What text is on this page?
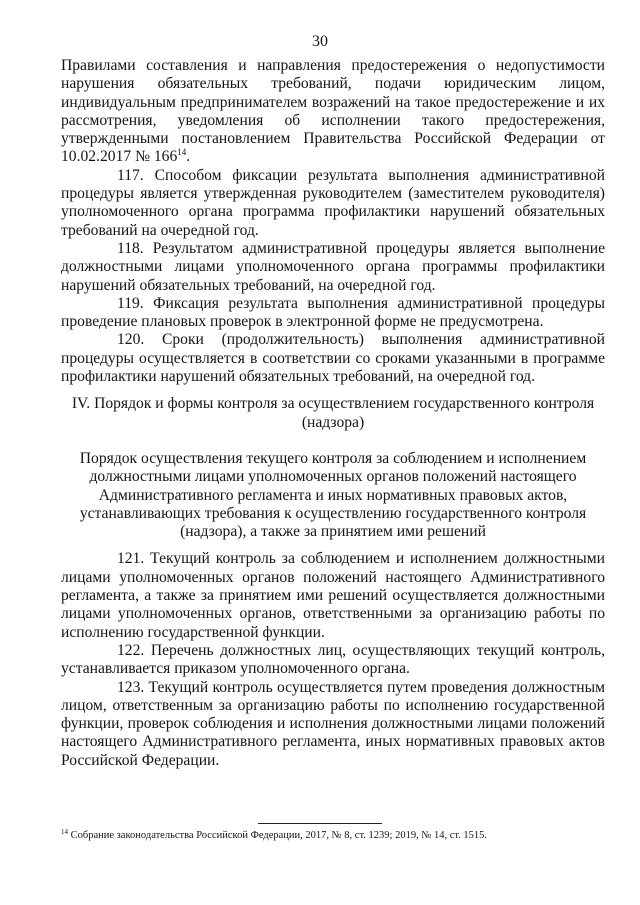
30

Правилами составления и направления предостережения о недопустимости нарушения обязательных требований, подачи юридическим лицом, индивидуальным предпринимателем возражений на такое предостережение и их рассмотрения, уведомления об исполнении такого предостережения, утвержденными постановлением Правительства Российской Федерации от 10.02.2017 № $166^{14}$.

117. Способом фиксации результата выполнения административной процедуры является утвержденная руководителем (заместителем руководителя) уполномоченного органа программа профилактики нарушений обязательных требований на очередной год.

118. Результатом административной процедуры является выполнение должностными лицами уполномоченного органа программы профилактики нарушений обязательных требований, на очередной год.

119. Фиксация результата выполнения административной процедуры проведение плановых проверок в электронной форме не предусмотрена.

120. Сроки (продолжительность) выполнения административной процедуры осуществляется в соответствии со сроками указанными в программе профилактики нарушений обязательных требований, на очередной год.

IV. Порядок и формы контроля за осуществлением государственного контроля (надзора)

Порядок осуществления текущего контроля за соблюдением и исполнением должностными лицами уполномоченных органов положений настоящего Административного регламента и иных нормативных правовых актов, устанавливающих требования к осуществлению государственного контроля (надзора), а также за принятием ими решений

121. Текущий контроль за соблюдением и исполнением должностными лицами уполномоченных органов положений настоящего Административного регламента, а также за принятием ими решений осуществляется должностными лицами уполномоченных органов, ответственными за организацию работы по исполнению государственной функции.

122. Перечень должностных лиц, осуществляющих текущий контроль, устанавливается приказом уполномоченного органа.

123. Текущий контроль осуществляется путем проведения должностным лицом, ответственным за организацию работы по исполнению государственной функции, проверок соблюдения и исполнения должностными лицами положений настоящего Административного регламента, иных нормативных правовых актов Российской Федерации.

$^{14}$ Собрание законодательства Российской Федерации, 2017, № 8, ст. 1239; 2019, № 14, ст. 1515.
